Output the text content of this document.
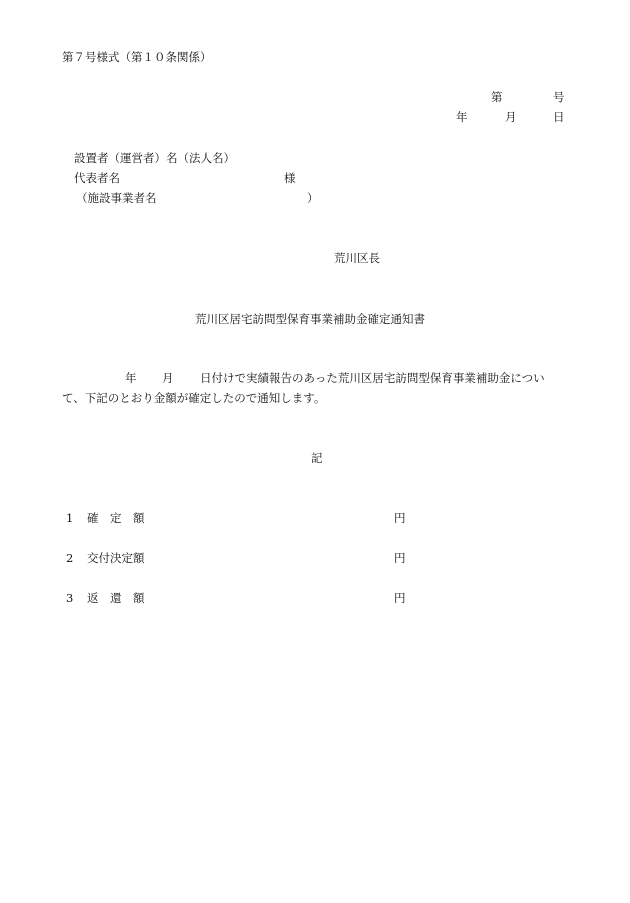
第７号様式（第１０条関係）
第	号
年	月	日
設置者（運営者）名（法人名）
代表者名	様
（施設事業者名	）
荒川区長
荒川区居宅訪問型保育事業補助金確定通知書
年 月 日付けで実績報告のあった荒川区居宅訪問型保育事業補助金につい
て、下記のとおり金額が確定したので通知します。
記
1 確　定　額	円
2 交付決定額	円
3 返　還　額	円
